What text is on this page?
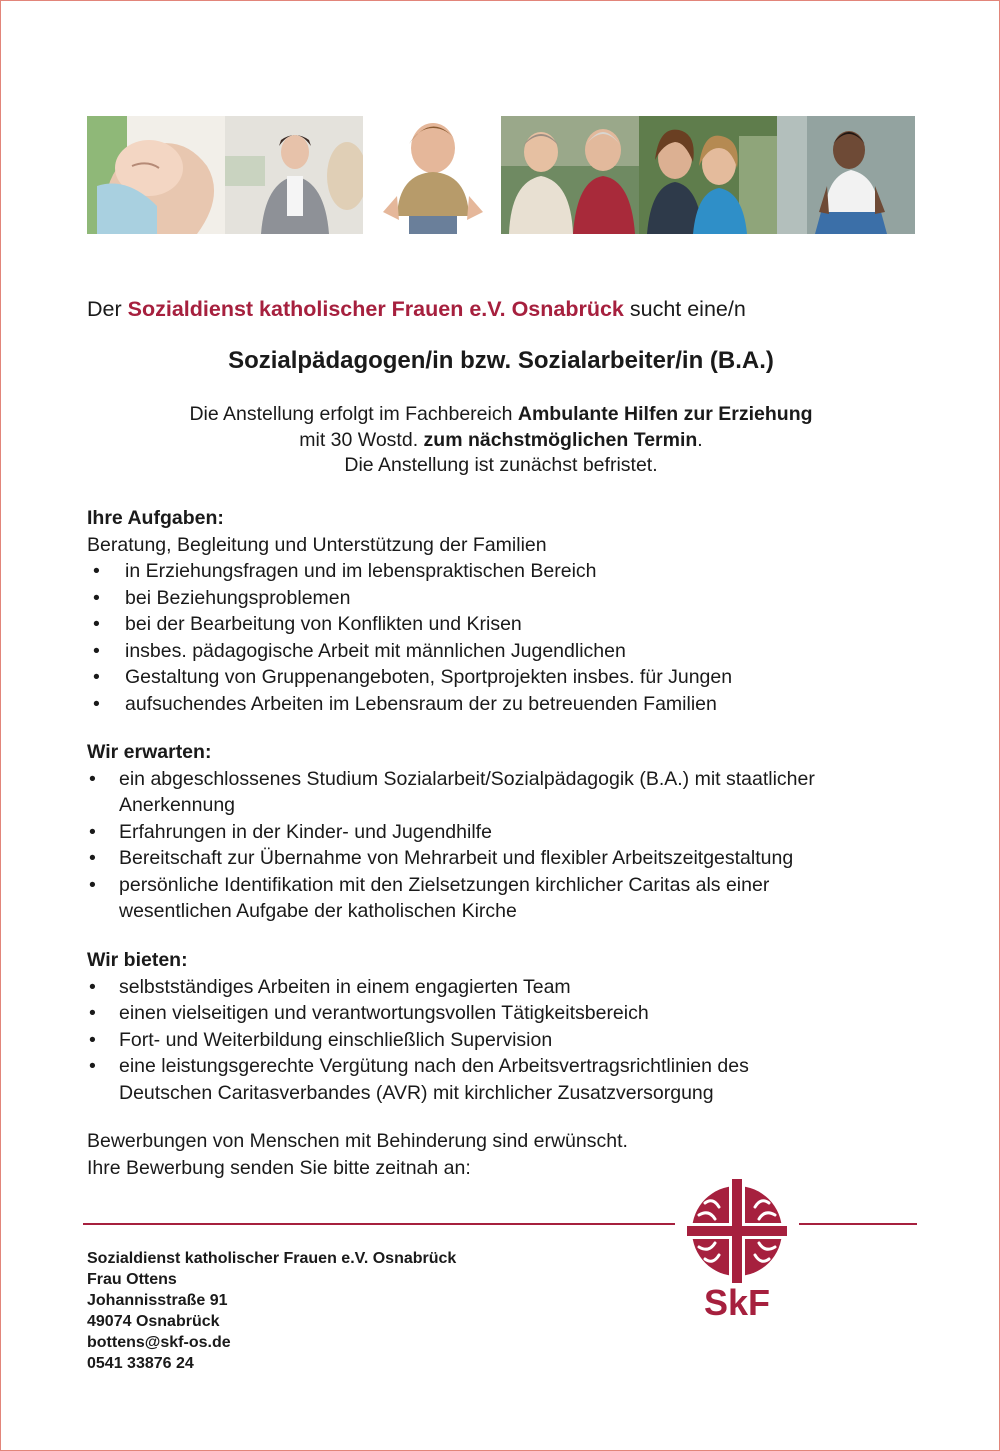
Der Sozialdienst katholischer Frauen e.V. Osnabrück sucht eine/n
Sozialpädagogen/in bzw. Sozialarbeiter/in (B.A.)
Die Anstellung erfolgt im Fachbereich Ambulante Hilfen zur Erziehung
mit 30 Wostd. zum nächstmöglichen Termin.
Die Anstellung ist zunächst befristet.
Ihre Aufgaben:

Beratung, Begleitung und Unterstützung der Familien

• in Erziehungsfragen und im lebenspraktischen Bereich
• bei Beziehungsproblemen
• bei der Bearbeitung von Konflikten und Krisen
• insbes. pädagogische Arbeit mit männlichen Jugendlichen
• Gestaltung von Gruppenangeboten, Sportprojekten insbes. für Jungen
• aufsuchendes Arbeiten im Lebensraum der zu betreuenden Familien
Wir erwarten:
• ein abgeschlossenes Studium Sozialarbeit/Sozialpädagogik (B.A.) mit staatlicher
Anerkennung
• Erfahrungen in der Kinder- und Jugendhilfe
• Bereitschaft zur Übernahme von Mehrarbeit und flexibler Arbeitszeitgestaltung
• persönliche Identifikation mit den Zielsetzungen kirchlicher Caritas als einer
wesentlichen Aufgabe der katholischen Kirche
Wir bieten:
• selbstständiges Arbeiten in einem engagierten Team
• einen vielseitigen und verantwortungsvollen Tätigkeitsbereich
• Fort- und Weiterbildung einschließlich Supervision
• eine leistungsgerechte Vergütung nach den Arbeitsvertragsrichtlinien des
Deutschen Caritasverbandes (AVR) mit kirchlicher Zusatzversorgung

Bewerbungen von Menschen mit Behinderung sind erwünscht.

Ihre Bewerbung senden Sie bitte zeitnah an:

SkF
Sozialdienst katholischer Frauen e.V. Osnabrück
Frau Ottens
Johannisstraße 91
49074 Osnabrück
bottens@skf-os.de
0541 33876 24
